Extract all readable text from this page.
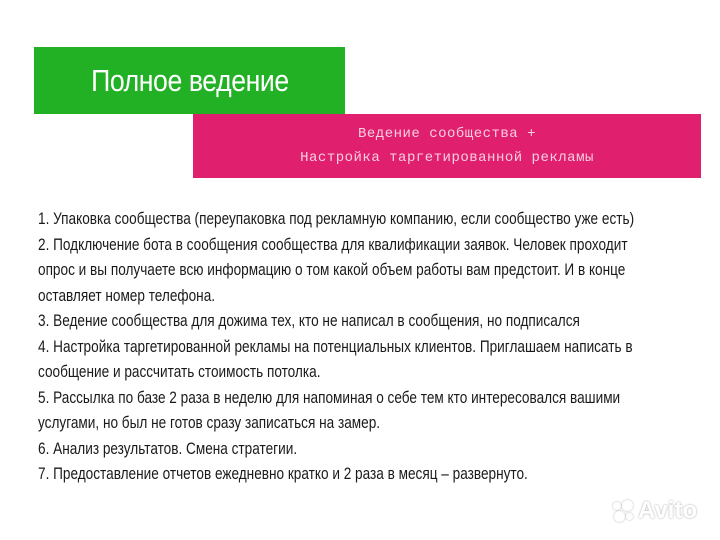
Полное ведение
Ведение сообщества +
Настройка таргетированной рекламы
1. Упаковка сообщества (переупаковка под рекламную компанию, если сообщество уже есть)
2. Подключение бота в сообщения сообщества для квалификации заявок. Человек проходит
опрос и вы получаете всю информацию о том какой объем работы вам предстоит. И в конце
оставляет номер телефона.
3. Ведение сообщества для дожима тех, кто не написал в сообщения, но подписался
4. Настройка таргетированной рекламы на потенциальных клиентов. Приглашаем написать в
сообщение и рассчитать стоимость потолка.
5. Рассылка по базе 2 раза в неделю для напоминая о себе тем кто интересовался вашими
услугами, но был не готов сразу записаться на замер.
6. Анализ результатов. Смена стратегии.
7. Предоставление отчетов ежедневно кратко и 2 раза в месяц – развернуто.
Avito
